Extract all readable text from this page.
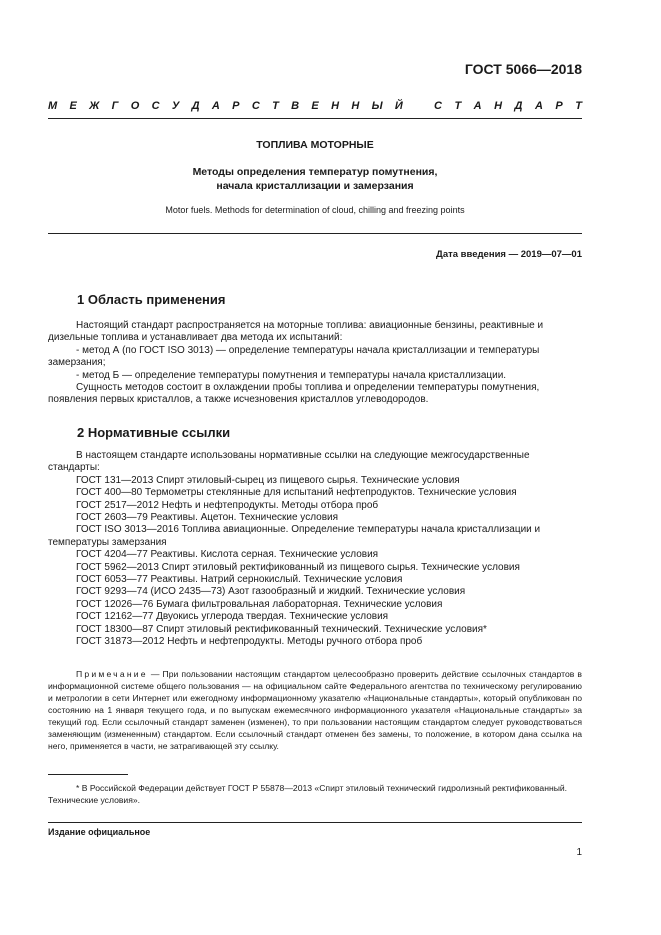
ГОСТ 5066—2018
М Е Ж Г О С У Д А Р С Т В Е Н Н Ы Й	С Т А Н Д А Р Т
ТОПЛИВА МОТОРНЫЕ
Методы определения температур помутнения,
начала кристаллизации и замерзания
Motor fuels. Methods for determination of cloud, chilling and freezing points
Дата введения — 2019—07—01
1 Область применения

Настоящий стандарт распространяется на моторные топлива: авиационные бензины, реактивные и дизельные топлива и устанавливает два метода их испытаний:

- метод А (по ГОСТ ISO 3013) — определение температуры начала кристаллизации и температуры замерзания;

- метод Б — определение температуры помутнения и температуры начала кристаллизации.

Сущность методов состоит в охлаждении пробы топлива и определении температуры помутнения, появления первых кристаллов, а также исчезновения кристаллов углеводородов.

2 Нормативные ссылки

В настоящем стандарте использованы нормативные ссылки на следующие межгосударственные стандарты:

ГОСТ 131—2013 Спирт этиловый-сырец из пищевого сырья. Технические условия

ГОСТ 400—80 Термометры стеклянные для испытаний нефтепродуктов. Технические условия

ГОСТ 2517—2012 Нефть и нефтепродукты. Методы отбора проб

ГОСТ 2603—79 Реактивы. Ацетон. Технические условия

ГОСТ ISO 3013—2016 Топлива авиационные. Определение температуры начала кристаллизации и температуры замерзания

ГОСТ 4204—77 Реактивы. Кислота серная. Технические условия

ГОСТ 5962—2013 Спирт этиловый ректификованный из пищевого сырья. Технические условия

ГОСТ 6053—77 Реактивы. Натрий сернокислый. Технические условия

ГОСТ 9293—74 (ИСО 2435—73) Азот газообразный и жидкий. Технические условия

ГОСТ 12026—76 Бумага фильтровальная лабораторная. Технические условия

ГОСТ 12162—77 Двуокись углерода твердая. Технические условия

ГОСТ 18300—87 Спирт этиловый ректификованный технический. Технические условия*

ГОСТ 31873—2012 Нефть и нефтепродукты. Методы ручного отбора проб

Примечание — При пользовании настоящим стандартом целесообразно проверить действие ссылочных стандартов в информационной системе общего пользования — на официальном сайте Федерального агентства по техническому регулированию и метрологии в сети Интернет или ежегодному информационному указателю «Национальные стандарты», который опубликован по состоянию на 1 января текущего года, и по выпускам ежемесячного информационного указателя «Национальные стандарты» за текущий год. Если ссылочный стандарт заменен (изменен), то при пользовании настоящим стандартом следует руководствоваться заменяющим (измененным) стандартом. Если ссылочный стандарт отменен без замены, то положение, в котором дана ссылка на него, применяется в части, не затрагивающей эту ссылку.

* В Российской Федерации действует ГОСТ Р 55878—2013 «Спирт этиловый технический гидролизный ректификованный. Технические условия».

Издание официальное
1
